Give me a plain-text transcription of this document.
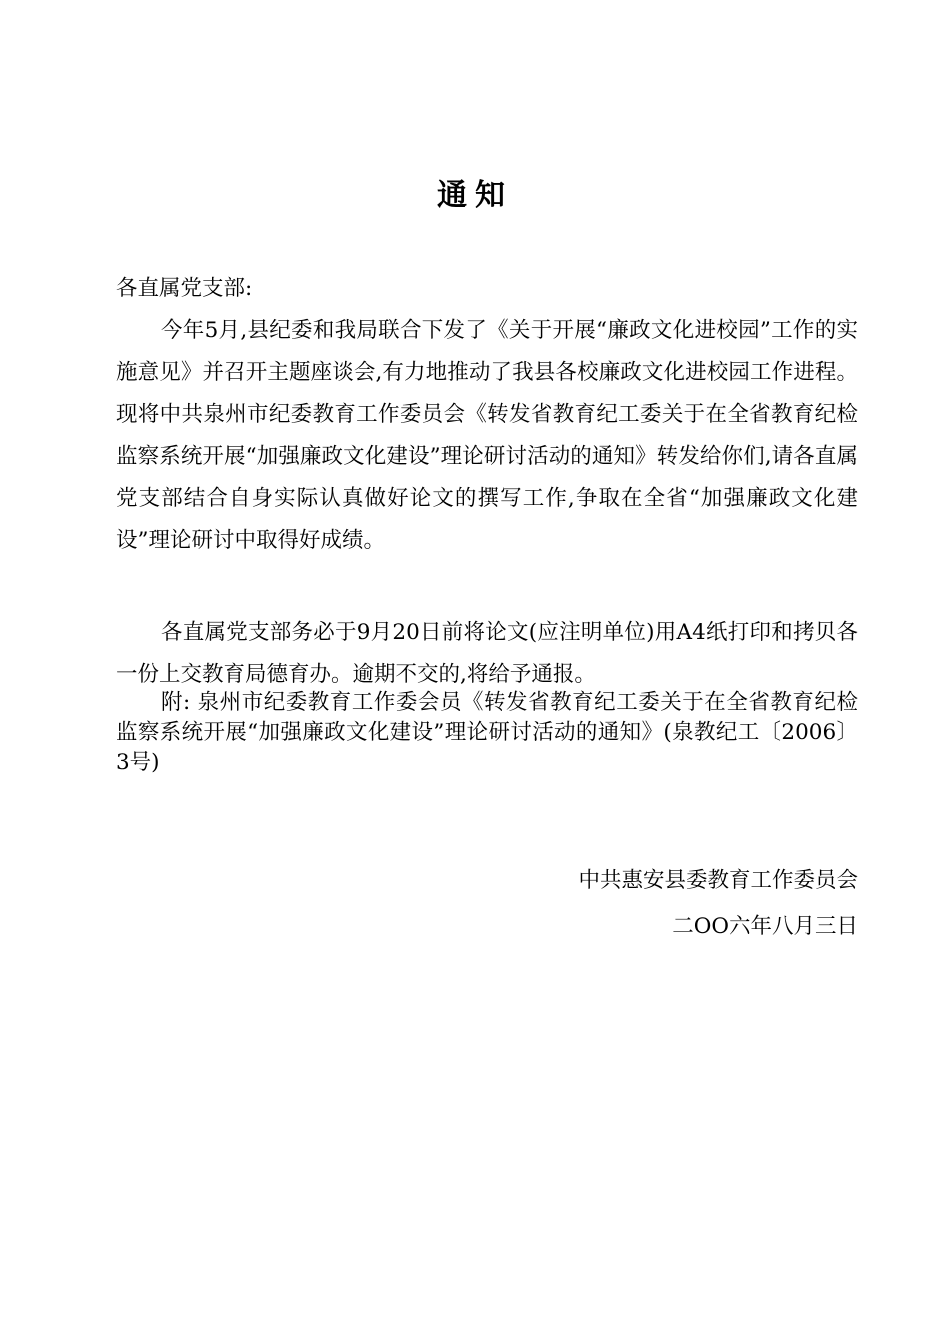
通知
各直属党支部:
今年5月,县纪委和我局联合下发了《关于开展“廉政文化进校园”工作的实施意见》并召开主题座谈会,有力地推动了我县各校廉政文化进校园工作进程。现将中共泉州市纪委教育工作委员会《转发省教育纪工委关于在全省教育纪检监察系统开展“加强廉政文化建设”理论研讨活动的通知》转发给你们,请各直属党支部结合自身实际认真做好论文的撰写工作,争取在全省“加强廉政文化建设”理论研讨中取得好成绩。
各直属党支部务必于9月20日前将论文(应注明单位)用A4纸打印和拷贝各一份上交教育局德育办。逾期不交的,将给予通报。
附: 泉州市纪委教育工作委会员《转发省教育纪工委关于在全省教育纪检监察系统开展“加强廉政文化建设”理论研讨活动的通知》(泉教纪工〔2006〕3号)
中共惠安县委教育工作委员会
二OO六年八月三日
